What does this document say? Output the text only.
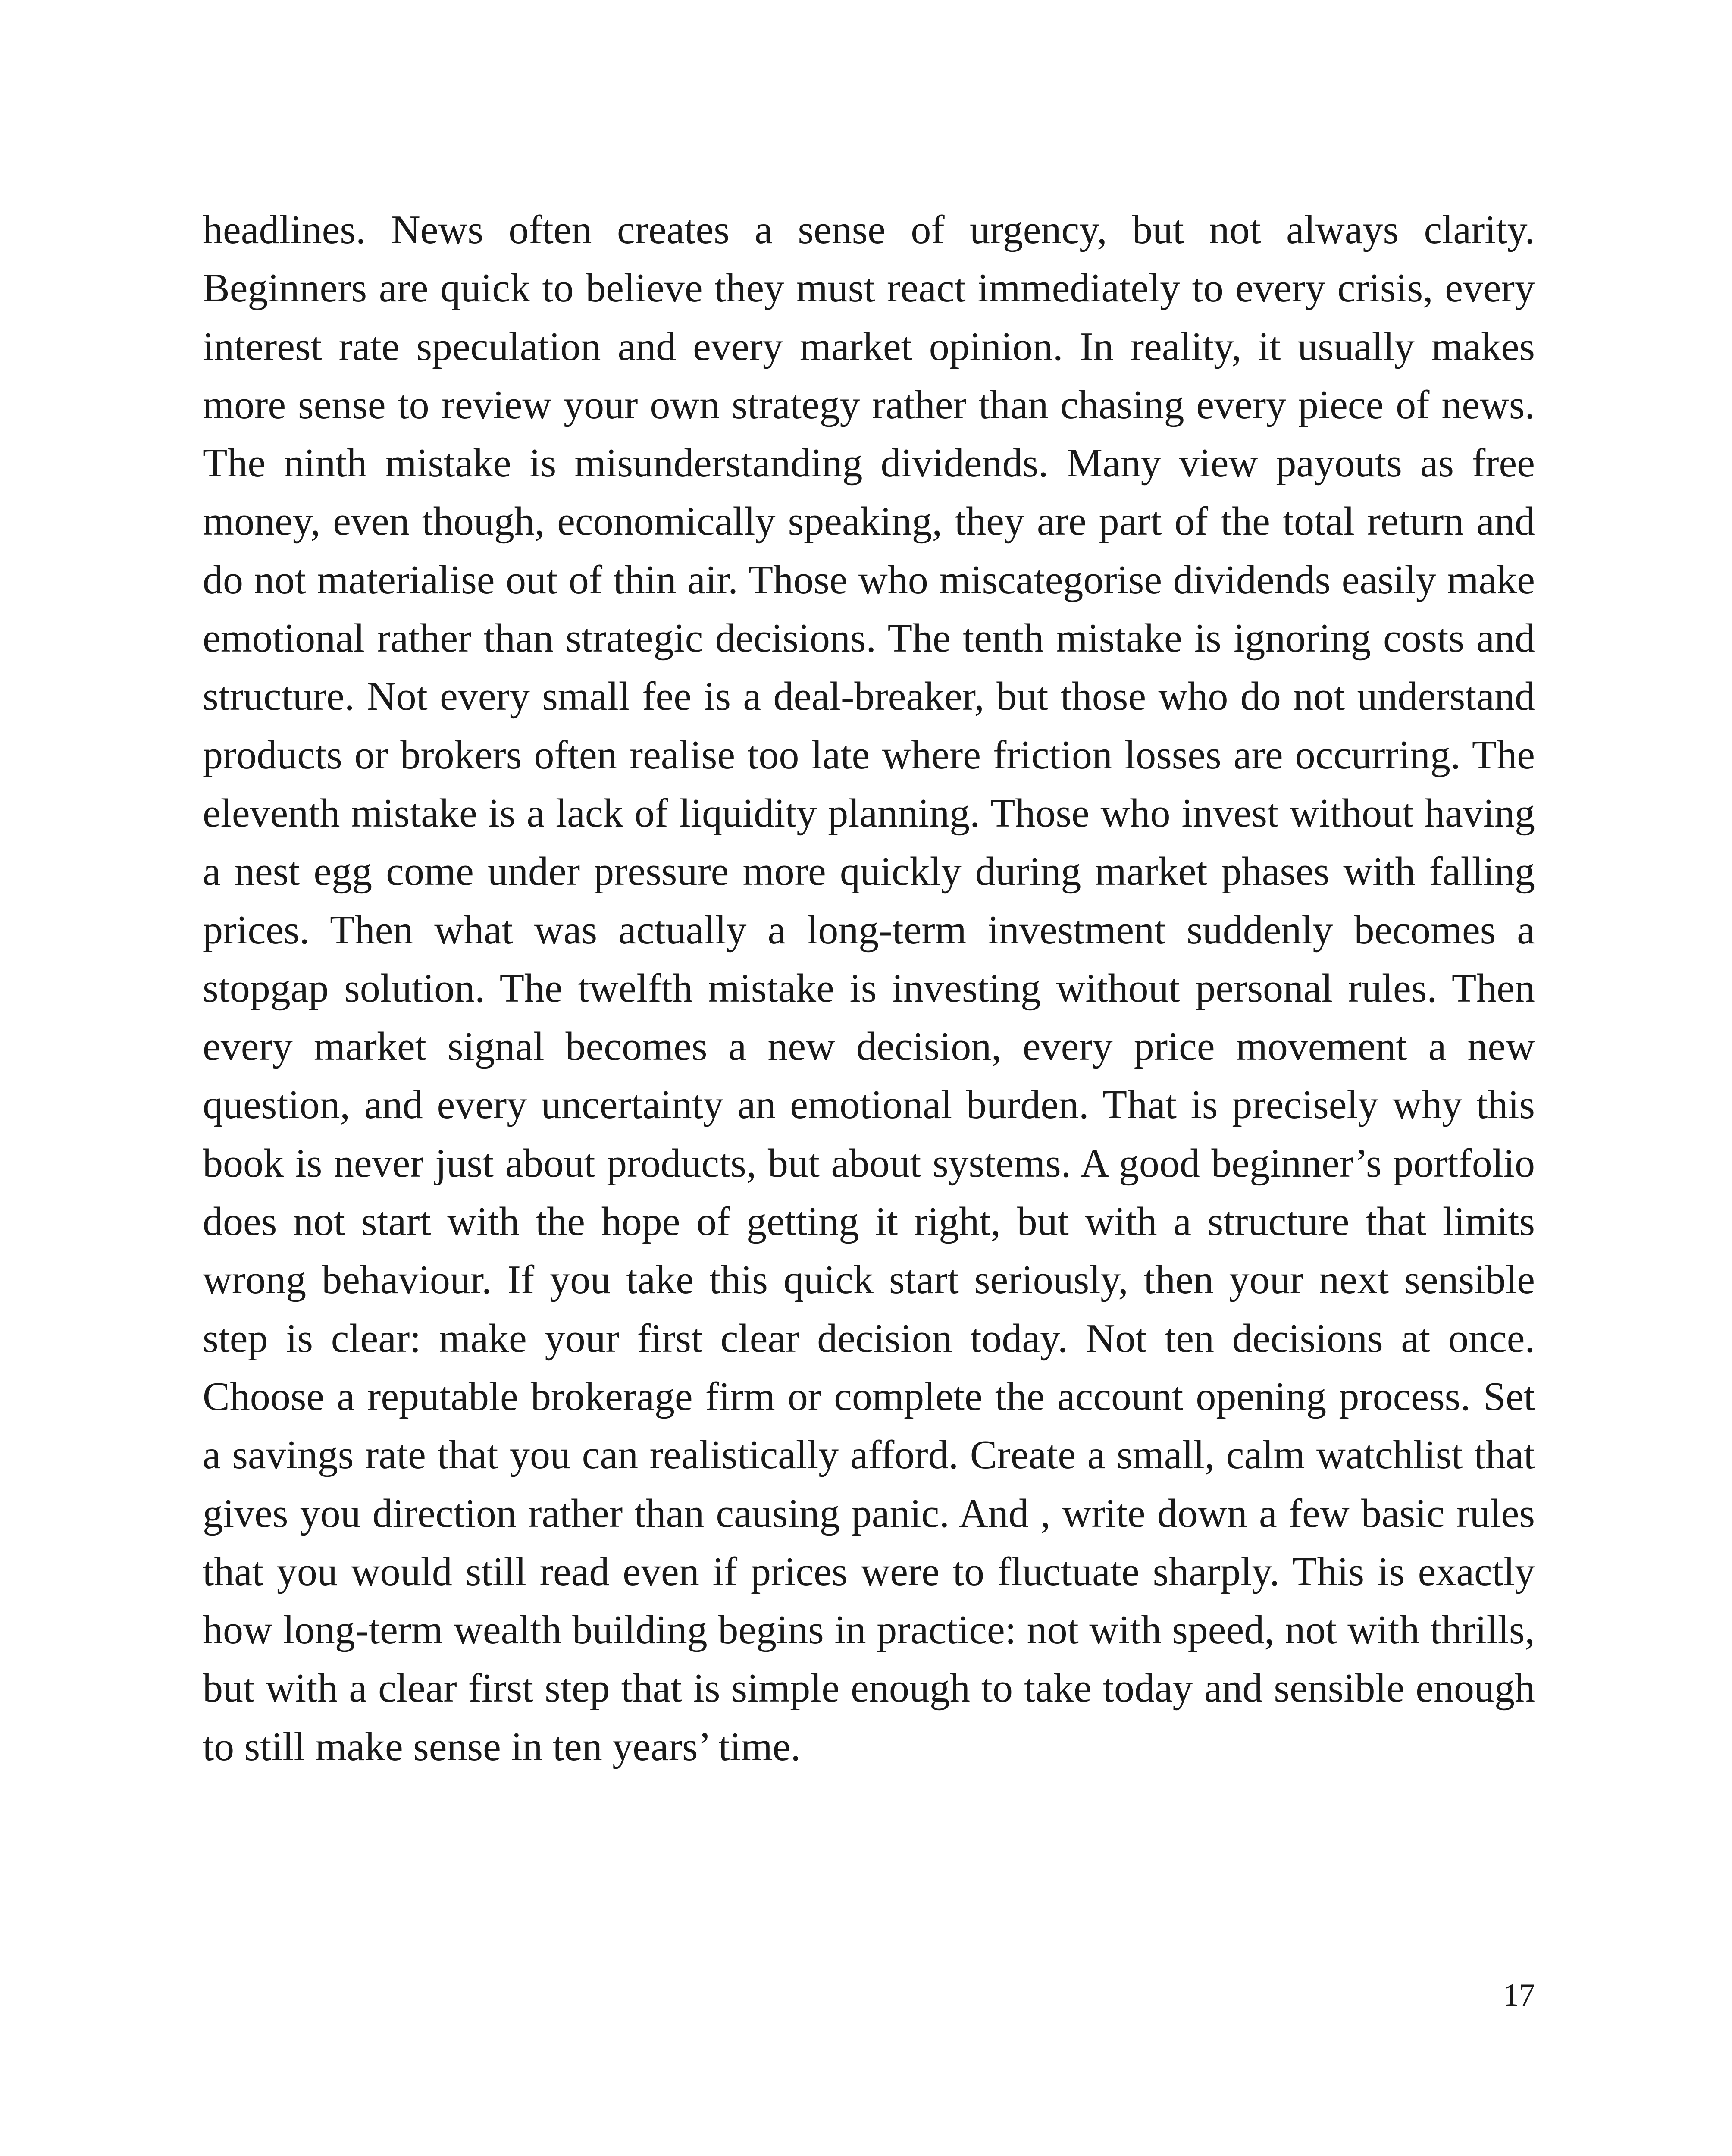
headlines. News often creates a sense of urgency, but not always clarity. Beginners are quick to believe they must react immediately to every crisis, every interest rate speculation and every market opinion. In reality, it usually makes more sense to review your own strategy rather than chasing every piece of news. The ninth mistake is misunderstanding dividends. Many view payouts as free money, even though, economically speaking, they are part of the total return and do not materialise out of thin air. Those who miscategorise dividends easily make emotional rather than strategic decisions. The tenth mistake is ignoring costs and structure. Not every small fee is a deal-breaker, but those who do not understand products or brokers often realise too late where friction losses are occurring. The eleventh mistake is a lack of liquidity planning. Those who invest without having a nest egg come under pressure more quickly during market phases with falling prices. Then what was actually a long-term investment suddenly becomes a stopgap solution. The twelfth mistake is investing without personal rules. Then every market signal becomes a new decision, every price movement a new question, and every uncertainty an emotional burden. That is precisely why this book is never just about products, but about systems. A good beginner’s portfolio does not start with the hope of getting it right, but with a structure that limits wrong behaviour. If you take this quick start seriously, then your next sensible step is clear: make your first clear decision today. Not ten decisions at once. Choose a reputable brokerage firm or complete the account opening process. Set a savings rate that you can realistically afford. Create a small, calm watchlist that gives you direction rather than causing panic. And , write down a few basic rules that you would still read even if prices were to fluctuate sharply. This is exactly how long-term wealth building begins in practice: not with speed, not with thrills, but with a clear first step that is simple enough to take today and sensible enough to still make sense in ten years’ time.

17
